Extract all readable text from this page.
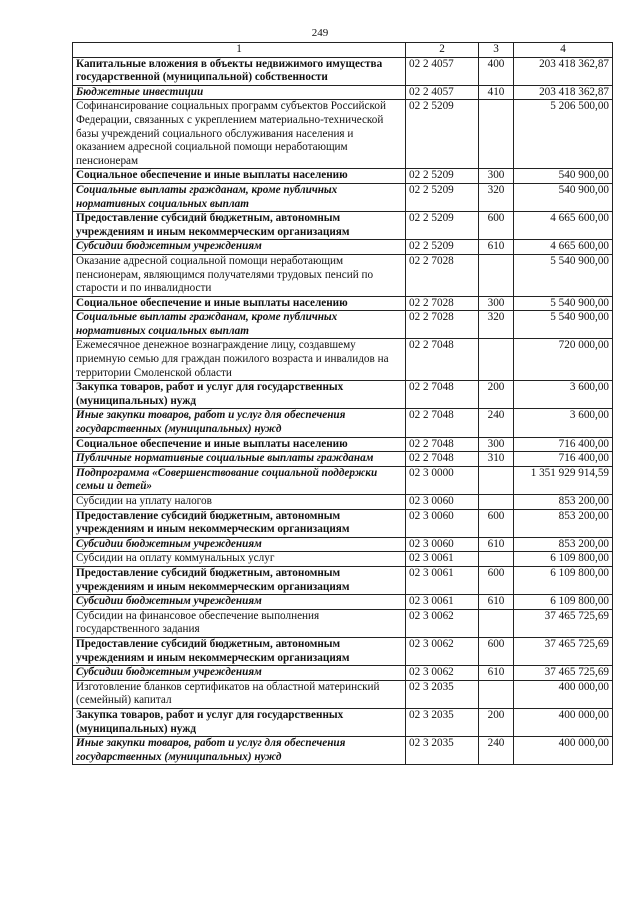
249
1	2	3	4
Капитальные вложения в объекты недвижимого имущества государственной (муниципальной) собственности	02 2 4057	400	203 418 362,87
Бюджетные инвестиции	02 2 4057	410	203 418 362,87
Софинансирование социальных программ субъектов Российской Федерации, связанных с укреплением материально-технической базы учреждений социального обслуживания населения и оказанием адресной социальной помощи неработающим пенсионерам	02 2 5209		5 206 500,00
Социальное обеспечение и иные выплаты населению	02 2 5209	300	540 900,00
Социальные выплаты гражданам, кроме публичных нормативных социальных выплат	02 2 5209	320	540 900,00
Предоставление субсидий бюджетным, автономным учреждениям и иным некоммерческим организациям	02 2 5209	600	4 665 600,00
Субсидии бюджетным учреждениям	02 2 5209	610	4 665 600,00
Оказание адресной социальной помощи неработающим пенсионерам, являющимся получателями трудовых пенсий по старости и по инвалидности	02 2 7028		5 540 900,00
Социальное обеспечение и иные выплаты населению	02 2 7028	300	5 540 900,00
Социальные выплаты гражданам, кроме публичных нормативных социальных выплат	02 2 7028	320	5 540 900,00
Ежемесячное денежное вознаграждение лицу, создавшему приемную семью для граждан пожилого возраста и инвалидов на территории Смоленской области	02 2 7048		720 000,00
Закупка товаров, работ и услуг для государственных (муниципальных) нужд	02 2 7048	200	3 600,00
Иные закупки товаров, работ и услуг для обеспечения государственных (муниципальных) нужд	02 2 7048	240	3 600,00
Социальное обеспечение и иные выплаты населению	02 2 7048	300	716 400,00
Публичные нормативные социальные выплаты гражданам	02 2 7048	310	716 400,00
Подпрограмма «Совершенствование социальной поддержки семьи и детей»	02 3 0000		1 351 929 914,59
Субсидии на уплату налогов	02 3 0060		853 200,00
Предоставление субсидий бюджетным, автономным учреждениям и иным некоммерческим организациям	02 3 0060	600	853 200,00
Субсидии бюджетным учреждениям	02 3 0060	610	853 200,00
Субсидии на оплату коммунальных услуг	02 3 0061		6 109 800,00
Предоставление субсидий бюджетным, автономным учреждениям и иным некоммерческим организациям	02 3 0061	600	6 109 800,00
Субсидии бюджетным учреждениям	02 3 0061	610	6 109 800,00
Субсидии на финансовое обеспечение выполнения государственного задания	02 3 0062		37 465 725,69
Предоставление субсидий бюджетным, автономным учреждениям и иным некоммерческим организациям	02 3 0062	600	37 465 725,69
Субсидии бюджетным учреждениям	02 3 0062	610	37 465 725,69
Изготовление бланков сертификатов на областной материнский (семейный) капитал	02 3 2035		400 000,00
Закупка товаров, работ и услуг для государственных (муниципальных) нужд	02 3 2035	200	400 000,00
Иные закупки товаров, работ и услуг для обеспечения государственных (муниципальных) нужд	02 3 2035	240	400 000,00
